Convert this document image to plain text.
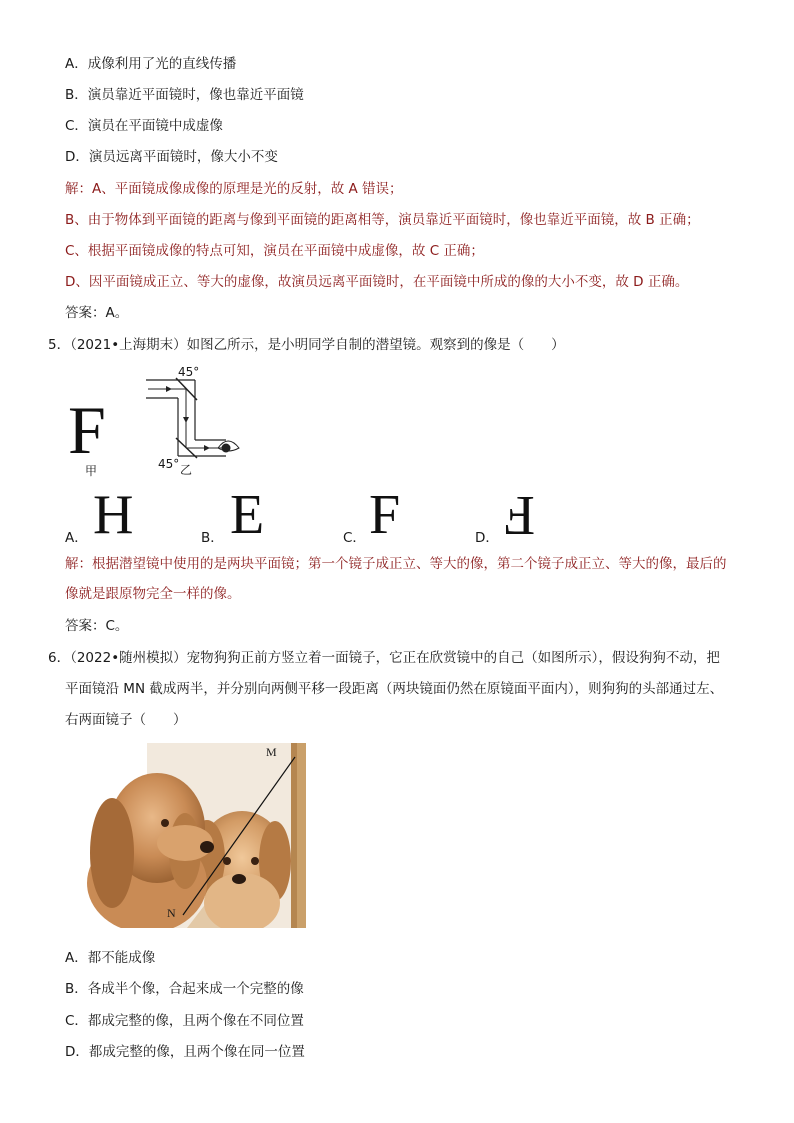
A．成像利用了光的直线传播
B．演员靠近平面镜时，像也靠近平面镜
C．演员在平面镜中成虚像
D．演员远离平面镜时，像大小不变
解：A、平面镜成像成像的原理是光的反射，故 A 错误；
B、由于物体到平面镜的距离与像到平面镜的距离相等，演员靠近平面镜时，像也靠近平面镜，故 B 正确；
C、根据平面镜成像的特点可知，演员在平面镜中成虚像，故 C 正确；
D、因平面镜成正立、等大的虚像，故演员远离平面镜时，在平面镜中所成的像的大小不变，故 D 正确。
答案：A。
5．（2021•上海期末）如图乙所示，是小明同学自制的潜望镜。观察到的像是（　　）
F
甲
45°
45° 乙
A． H	B． E	C． F	D． F
解：根据潜望镜中使用的是两块平面镜；第一个镜子成正立、等大的像，第二个镜子成正立、等大的像，最后的
像就是跟原物完全一样的像。
答案：C。
6．（2022•随州模拟）宠物狗狗正前方竖立着一面镜子，它正在欣赏镜中的自己（如图所示），假设狗狗不动，把
平面镜沿 MN 截成两半，并分别向两侧平移一段距离（两块镜面仍然在原镜面平面内），则狗狗的头部通过左、
右两面镜子（　　）
M
N
A．都不能成像
B．各成半个像，合起来成一个完整的像
C．都成完整的像，且两个像在不同位置
D．都成完整的像，且两个像在同一位置
